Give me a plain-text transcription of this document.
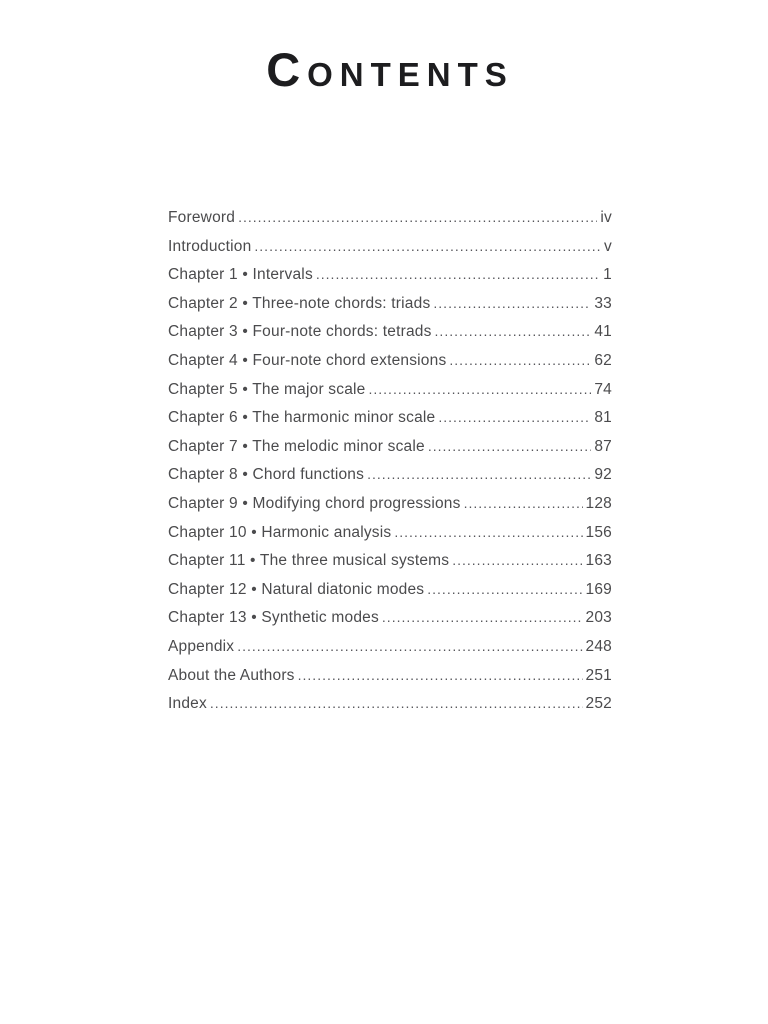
Contents
Foreword .....	iv
Introduction .....	v
Chapter 1 • Intervals .....	1
Chapter 2 • Three-note chords: triads .....	33
Chapter 3 • Four-note chords: tetrads .....	41
Chapter 4 • Four-note chord extensions .....	62
Chapter 5 • The major scale .....	74
Chapter 6 • The harmonic minor scale .....	81
Chapter 7 • The melodic minor scale .....	87
Chapter 8 • Chord functions .....	92
Chapter 9 • Modifying chord progressions .....	128
Chapter 10 • Harmonic analysis .....	156
Chapter 11 • The three musical systems .....	163
Chapter 12 • Natural diatonic modes .....	169
Chapter 13 • Synthetic modes .....	203
Appendix .....	248
About the Authors .....	251
Index .....	252
